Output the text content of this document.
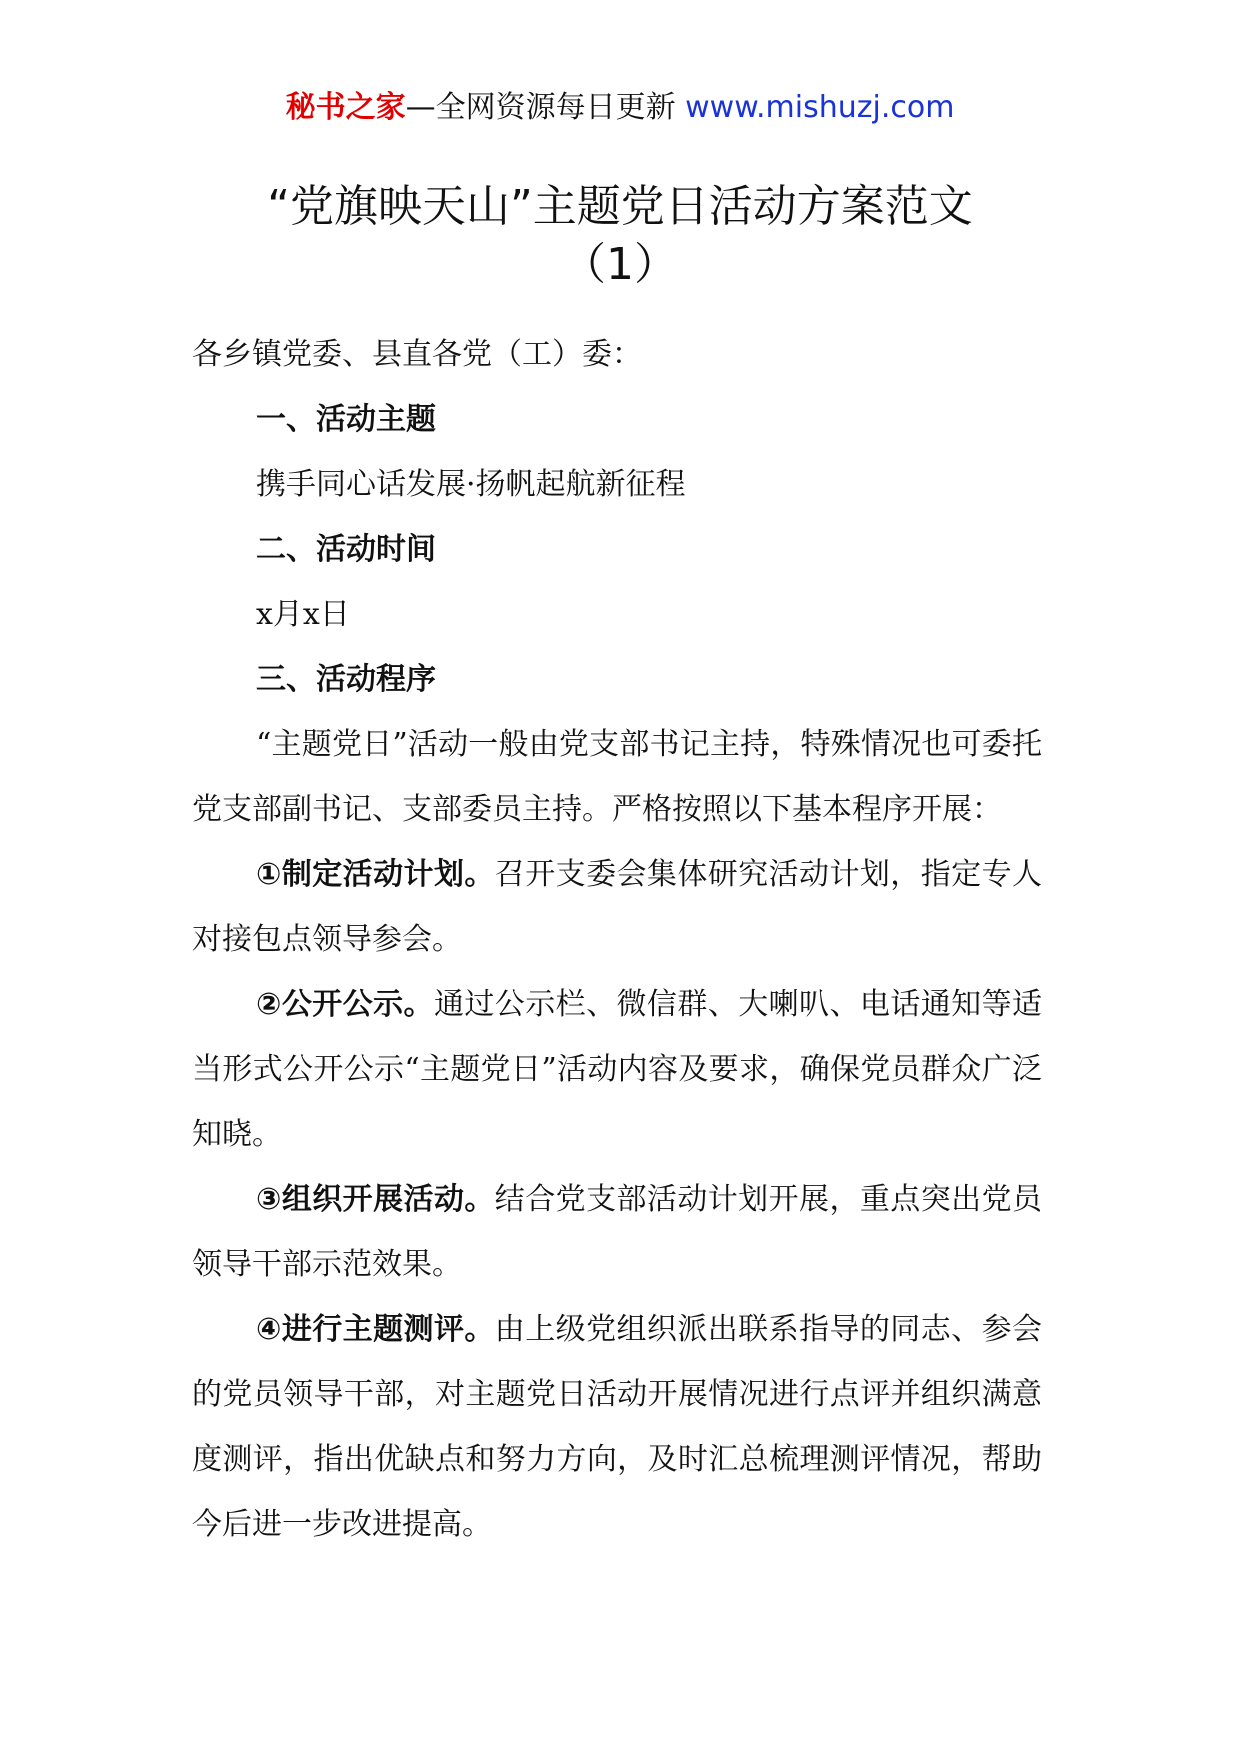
秘书之家—全网资源每日更新 www.mishuzj.com
“党旗映天山”主题党日活动方案范文
（1）

各乡镇党委、县直各党（工）委：

一、活动主题

携手同心话发展·扬帆起航新征程

二、活动时间

x月x日

三、活动程序

“主题党日”活动一般由党支部书记主持，特殊情况也可委托党支部副书记、支部委员主持。严格按照以下基本程序开展：

①制定活动计划。召开支委会集体研究活动计划，指定专人对接包点领导参会。

②公开公示。通过公示栏、微信群、大喇叭、电话通知等适当形式公开公示“主题党日”活动内容及要求，确保党员群众广泛知晓。

③组织开展活动。结合党支部活动计划开展，重点突出党员领导干部示范效果。

④进行主题测评。由上级党组织派出联系指导的同志、参会的党员领导干部，对主题党日活动开展情况进行点评并组织满意度测评，指出优缺点和努力方向，及时汇总梳理测评情况，帮助今后进一步改进提高。
